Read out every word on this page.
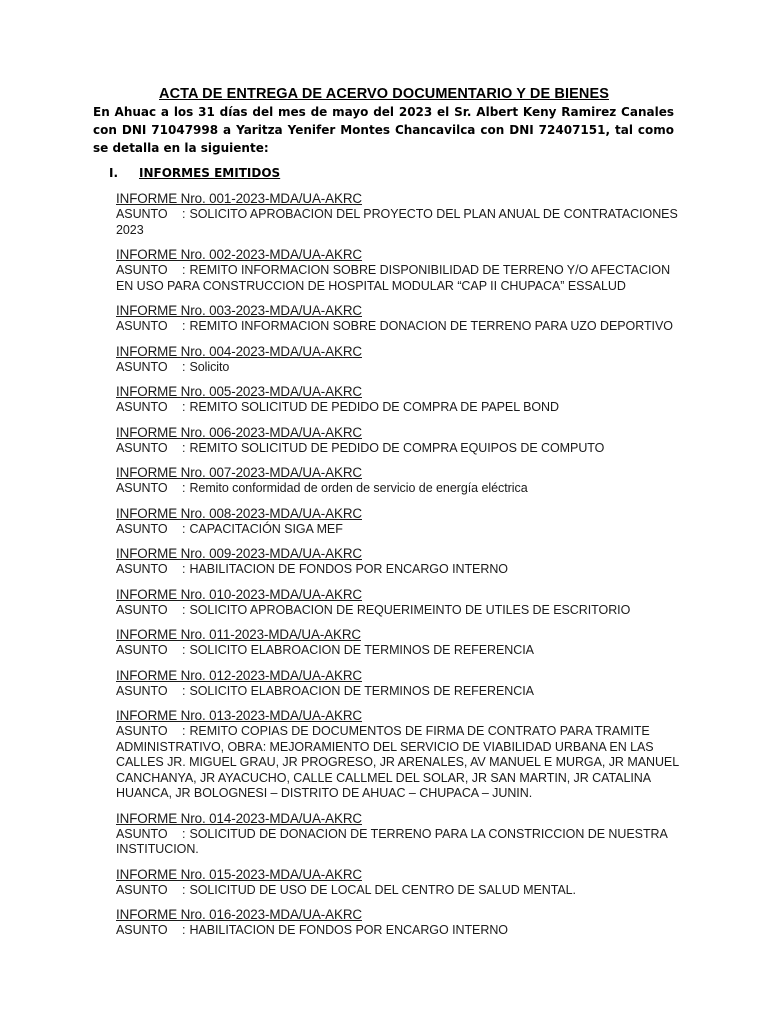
ACTA DE ENTREGA DE ACERVO DOCUMENTARIO Y DE BIENES
En Ahuac a los 31 días del mes de mayo del 2023 el Sr. Albert Keny Ramirez Canales con DNI 71047998 a Yaritza Yenifer Montes Chancavilca con DNI 72407151, tal como se detalla en la siguiente:
I. INFORMES EMITIDOS
INFORME Nro. 001-2023-MDA/UA-AKRC
ASUNTO : SOLICITO APROBACION DEL PROYECTO DEL PLAN ANUAL DE CONTRATACIONES 2023
INFORME Nro. 002-2023-MDA/UA-AKRC
ASUNTO : REMITO INFORMACION SOBRE DISPONIBILIDAD DE TERRENO Y/O AFECTACION EN USO PARA CONSTRUCCION DE HOSPITAL MODULAR “CAP II CHUPACA” ESSALUD
INFORME Nro. 003-2023-MDA/UA-AKRC
ASUNTO : REMITO INFORMACION SOBRE DONACION DE TERRENO PARA UZO DEPORTIVO
INFORME Nro. 004-2023-MDA/UA-AKRC
ASUNTO : Solicito
INFORME Nro. 005-2023-MDA/UA-AKRC
ASUNTO : REMITO SOLICITUD DE PEDIDO DE COMPRA DE PAPEL BOND
INFORME Nro. 006-2023-MDA/UA-AKRC
ASUNTO : REMITO SOLICITUD DE PEDIDO DE COMPRA EQUIPOS DE COMPUTO
INFORME Nro. 007-2023-MDA/UA-AKRC
ASUNTO : Remito conformidad de orden de servicio de energía eléctrica
INFORME Nro. 008-2023-MDA/UA-AKRC
ASUNTO : CAPACITACIÓN SIGA MEF
INFORME Nro. 009-2023-MDA/UA-AKRC
ASUNTO : HABILITACION DE FONDOS POR ENCARGO INTERNO
INFORME Nro. 010-2023-MDA/UA-AKRC
ASUNTO : SOLICITO APROBACION DE REQUERIMEINTO DE UTILES DE ESCRITORIO
INFORME Nro. 011-2023-MDA/UA-AKRC
ASUNTO : SOLICITO ELABROACION DE TERMINOS DE REFERENCIA
INFORME Nro. 012-2023-MDA/UA-AKRC
ASUNTO : SOLICITO ELABROACION DE TERMINOS DE REFERENCIA
INFORME Nro. 013-2023-MDA/UA-AKRC
ASUNTO : REMITO COPIAS DE DOCUMENTOS DE FIRMA DE CONTRATO PARA TRAMITE ADMINISTRATIVO, OBRA: MEJORAMIENTO DEL SERVICIO DE VIABILIDAD URBANA EN LAS CALLES JR. MIGUEL GRAU, JR PROGRESO, JR ARENALES, AV MANUEL E MURGA, JR MANUEL CANCHANYA, JR AYACUCHO, CALLE CALLMEL DEL SOLAR, JR SAN MARTIN, JR CATALINA HUANCA, JR BOLOGNESI – DISTRITO DE AHUAC – CHUPACA – JUNIN.
INFORME Nro. 014-2023-MDA/UA-AKRC
ASUNTO : SOLICITUD DE DONACION DE TERRENO PARA LA CONSTRICCION DE NUESTRA INSTITUCION.
INFORME Nro. 015-2023-MDA/UA-AKRC
ASUNTO : SOLICITUD DE USO DE LOCAL DEL CENTRO DE SALUD MENTAL.
INFORME Nro. 016-2023-MDA/UA-AKRC
ASUNTO : HABILITACION DE FONDOS POR ENCARGO INTERNO
